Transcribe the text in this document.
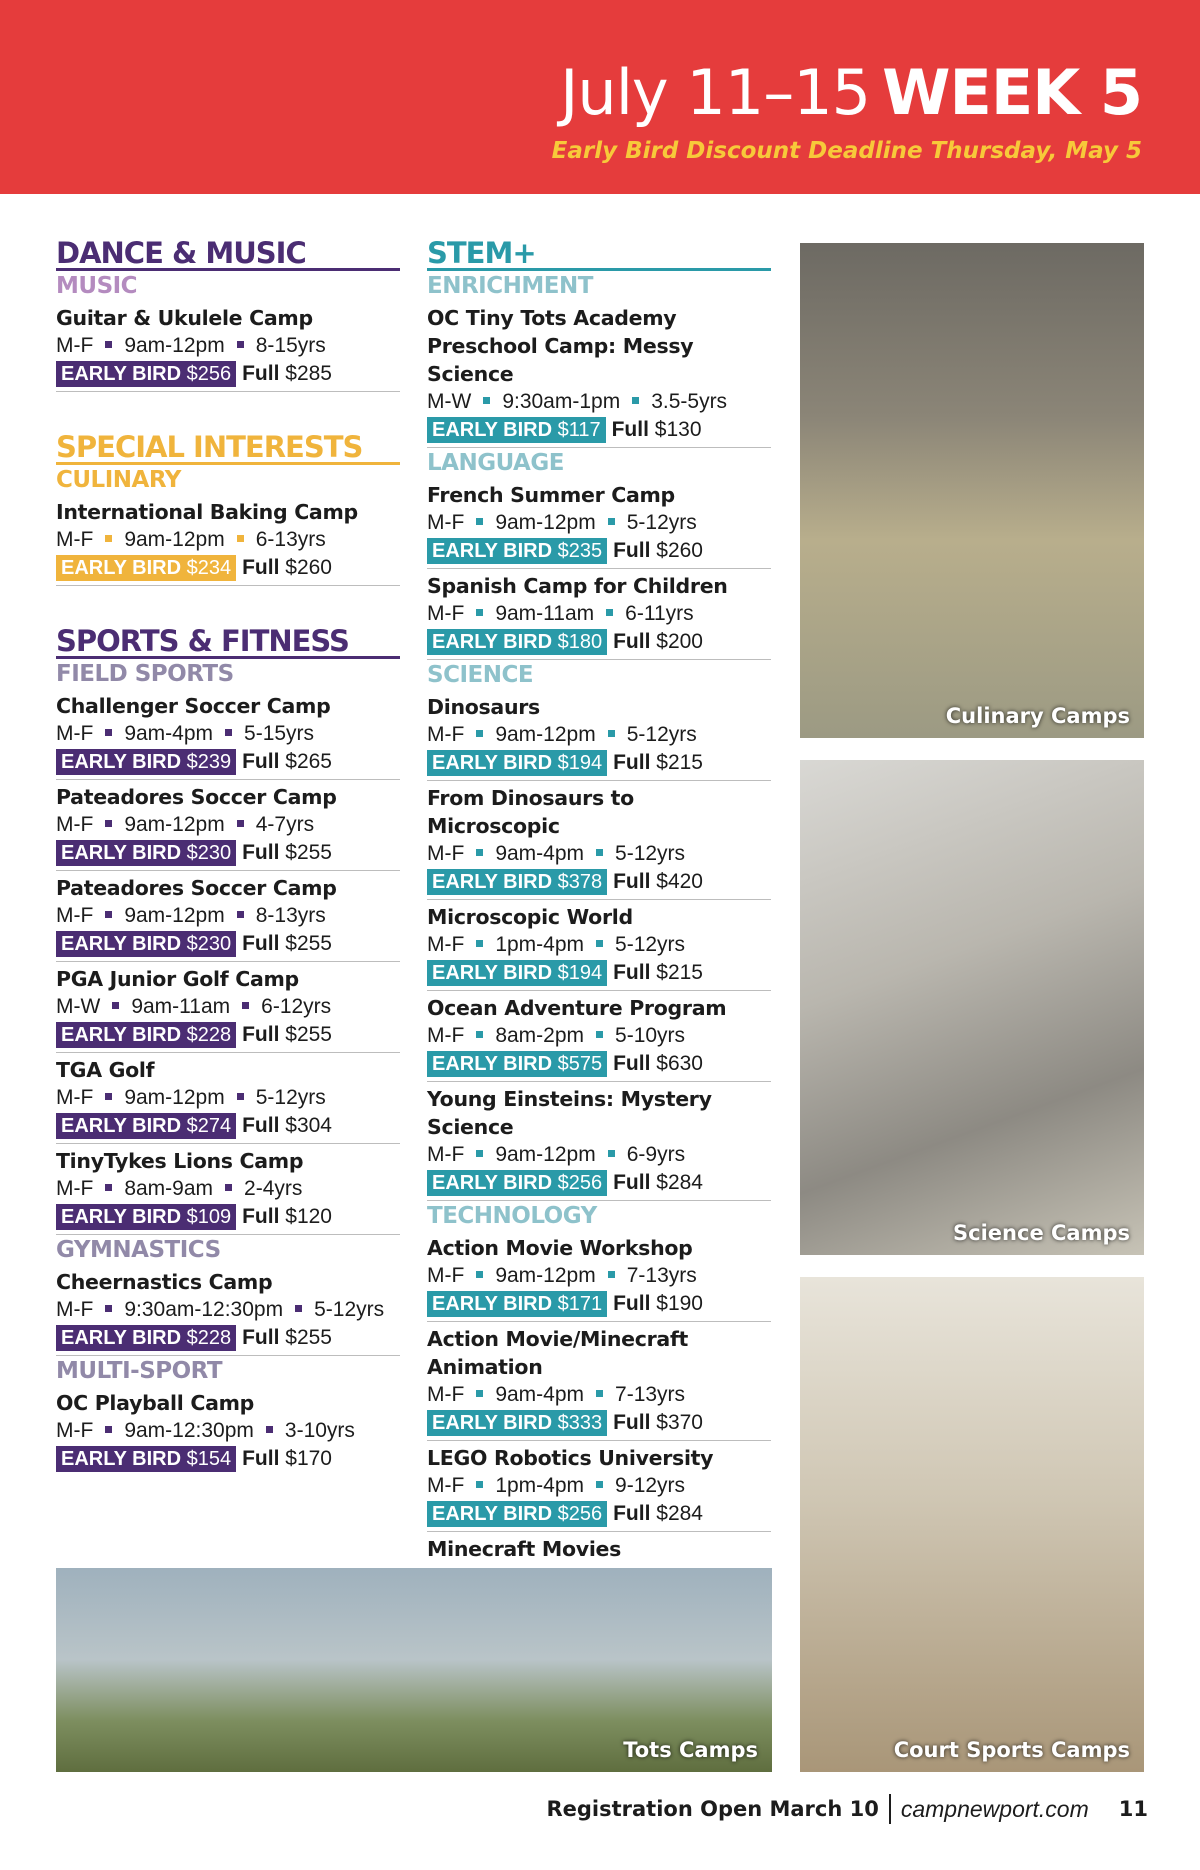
July 11–15 WEEK 5
Early Bird Discount Deadline Thursday, May 5
DANCE & MUSIC
MUSIC
Guitar & Ukulele Camp
M-F 9am-12pm 8-15yrs
EARLY BIRD $256 Full $285
SPECIAL INTERESTS
CULINARY
International Baking Camp
M-F 9am-12pm 6-13yrs
EARLY BIRD $234 Full $260
SPORTS & FITNESS
FIELD SPORTS
Challenger Soccer Camp
M-F 9am-4pm 5-15yrs
EARLY BIRD $239 Full $265
Pateadores Soccer Camp
M-F 9am-12pm 4-7yrs
EARLY BIRD $230 Full $255
Pateadores Soccer Camp
M-F 9am-12pm 8-13yrs
EARLY BIRD $230 Full $255
PGA Junior Golf Camp
M-W 9am-11am 6-12yrs
EARLY BIRD $228 Full $255
TGA Golf
M-F 9am-12pm 5-12yrs
EARLY BIRD $274 Full $304
TinyTykes Lions Camp
M-F 8am-9am 2-4yrs
EARLY BIRD $109 Full $120
GYMNASTICS
Cheernastics Camp
M-F 9:30am-12:30pm 5-12yrs
EARLY BIRD $228 Full $255
MULTI-SPORT
OC Playball Camp
M-F 9am-12:30pm 3-10yrs
EARLY BIRD $154 Full $170
STEM+
ENRICHMENT
OC Tiny Tots Academy Preschool Camp: Messy Science
M-W 9:30am-1pm 3.5-5yrs
EARLY BIRD $117 Full $130
LANGUAGE
French Summer Camp
M-F 9am-12pm 5-12yrs
EARLY BIRD $235 Full $260
Spanish Camp for Children
M-F 9am-11am 6-11yrs
EARLY BIRD $180 Full $200
SCIENCE
Dinosaurs
M-F 9am-12pm 5-12yrs
EARLY BIRD $194 Full $215
From Dinosaurs to Microscopic
M-F 9am-4pm 5-12yrs
EARLY BIRD $378 Full $420
Microscopic World
M-F 1pm-4pm 5-12yrs
EARLY BIRD $194 Full $215
Ocean Adventure Program
M-F 8am-2pm 5-10yrs
EARLY BIRD $575 Full $630
Young Einsteins: Mystery Science
M-F 9am-12pm 6-9yrs
EARLY BIRD $256 Full $284
TECHNOLOGY
Action Movie Workshop
M-F 9am-12pm 7-13yrs
EARLY BIRD $171 Full $190
Action Movie/Minecraft Animation
M-F 9am-4pm 7-13yrs
EARLY BIRD $333 Full $370
LEGO Robotics University
M-F 1pm-4pm 9-12yrs
EARLY BIRD $256 Full $284
Minecraft Movies
Culinary Camps
Science Camps
Court Sports Camps
Tots Camps
Registration Open March 10 campnewport.com 11
